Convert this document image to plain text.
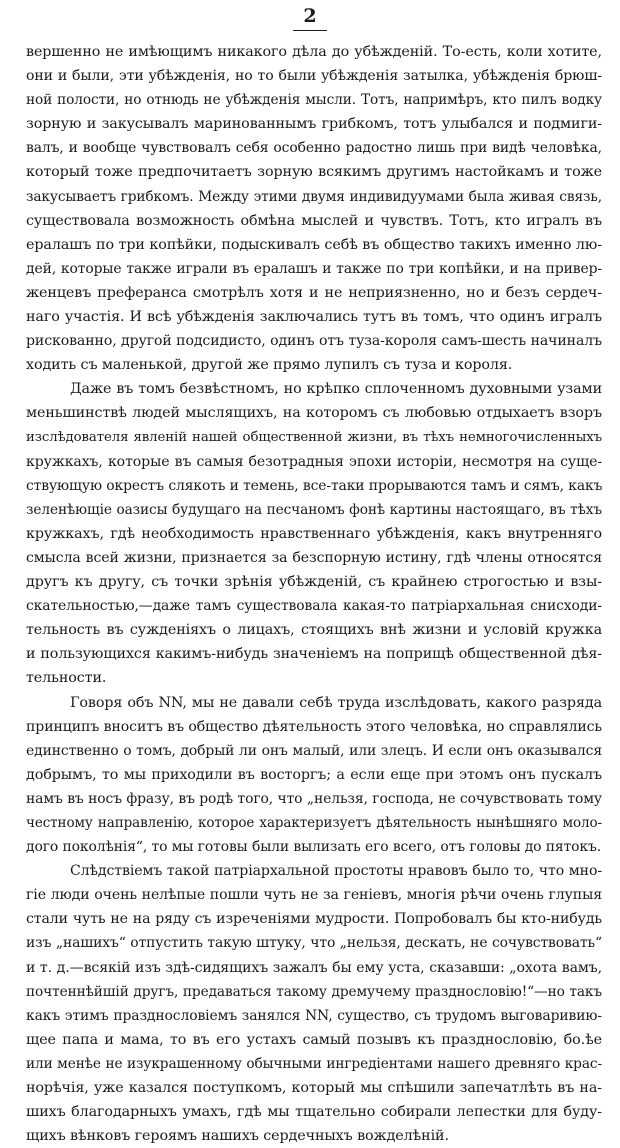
2
вершенно не имѣющимъ никакого дѣла до убѣжденій. То-есть, коли хотите,
они и были, эти убѣжденія, но то были убѣжденія затылка, убѣжденія брюш-
ной полости, но отнюдь не убѣжденія мысли. Тотъ, напримѣръ, кто пилъ водку
зорную и закусывалъ маринованнымъ грибкомъ, тотъ улыбался и подмиги-
валъ, и вообще чувствовалъ себя особенно радостно лишь при видѣ человѣка,
который тоже предпочитаетъ зорную всякимъ другимъ настойкамъ и тоже
закусываетъ грибкомъ. Между этими двумя индивидуумами была живая связь,
существовала возможность обмѣна мыслей и чувствъ. Тотъ, кто игралъ въ
ералашъ по три копѣйки, подыскивалъ себѣ въ общество такихъ именно лю-
дей, которые также играли въ ералашъ и также по три копѣйки, и на привер-
женцевъ преферанса смотрѣлъ хотя и не неприязненно, но и безъ сердеч-
наго участія. И всѣ убѣжденія заключались тутъ въ томъ, что одинъ игралъ
рискованно, другой подсидисто, одинъ отъ туза-короля самъ-шесть начиналъ
ходить съ маленькой, другой же прямо лупилъ съ туза и короля.
Даже въ томъ безвѣстномъ, но крѣпко сплоченномъ духовными узами
меньшинствѣ людей мыслящихъ, на которомъ съ любовью отдыхаетъ взоръ
изслѣдователя явленій нашей общественной жизни, въ тѣхъ немногочисленныхъ
кружкахъ, которые въ самыя безотрадныя эпохи исторіи, несмотря на суще-
ствующую окрестъ слякоть и темень, все-таки прорываются тамъ и сямъ, какъ
зеленѣющіе оазисы будущаго на песчаномъ фонѣ картины настоящаго, въ тѣхъ
кружкахъ, гдѣ необходимость нравственнаго убѣжденія, какъ внутренняго
смысла всей жизни, признается за безспорную истину, гдѣ члены относятся
другъ къ другу, съ точки зрѣнія убѣжденій, съ крайнею строгостью и взы-
скательностью,—даже тамъ существовала какая-то патріархальная снисходи-
тельность въ сужденіяхъ о лицахъ, стоящихъ внѣ жизни и условій кружка
и пользующихся какимъ-нибудь значеніемъ на поприщѣ общественной дѣя-
тельности.
Говоря объ NN, мы не давали себѣ труда изслѣдовать, какого разряда
принципъ вноситъ въ общество дѣятельность этого человѣка, но справлялись
единственно о томъ, добрый ли онъ малый, или злецъ. И если онъ оказывался
добрымъ, то мы приходили въ восторгъ; а если еще при этомъ онъ пускалъ
намъ въ носъ фразу, въ родѣ того, что „нельзя, господа, не сочувствовать тому
честному направленію, которое характеризуетъ дѣятельность нынѣшняго моло-
дого поколѣнія“, то мы готовы были вылизать его всего, отъ головы до пятокъ.
Слѣдствіемъ такой патріархальной простоты нравовъ было то, что мно-
гіе люди очень нелѣпые пошли чуть не за геніевъ, многія рѣчи очень глупыя
стали чуть не на ряду съ изреченіями мудрости. Попробовалъ бы кто-нибудь
изъ „нашихъ“ отпустить такую штуку, что „нельзя, дескать, не сочувствовать“
и т. д.—всякій изъ здѣ-сидящихъ зажалъ бы ему уста, сказавши: „охота вамъ,
почтеннѣйшій другъ, предаваться такому дремучему празднословію!“—но такъ
какъ этимъ празднословіемъ занялся NN, существо, съ трудомъ выговаривию-
щее папа и мама, то въ его устахъ самый позывъ къ празднословію, бо.ѣе
или менѣе не изукрашенному обычными ингредіентами нашего древняго крас-
норѣчія, уже казался поступкомъ, который мы спѣшили запечатлѣть въ на-
шихъ благодарныхъ умахъ, гдѣ мы тщательно собирали лепестки для буду-
щихъ вѣнковъ героямъ нашихъ сердечныхъ вожделѣній.
